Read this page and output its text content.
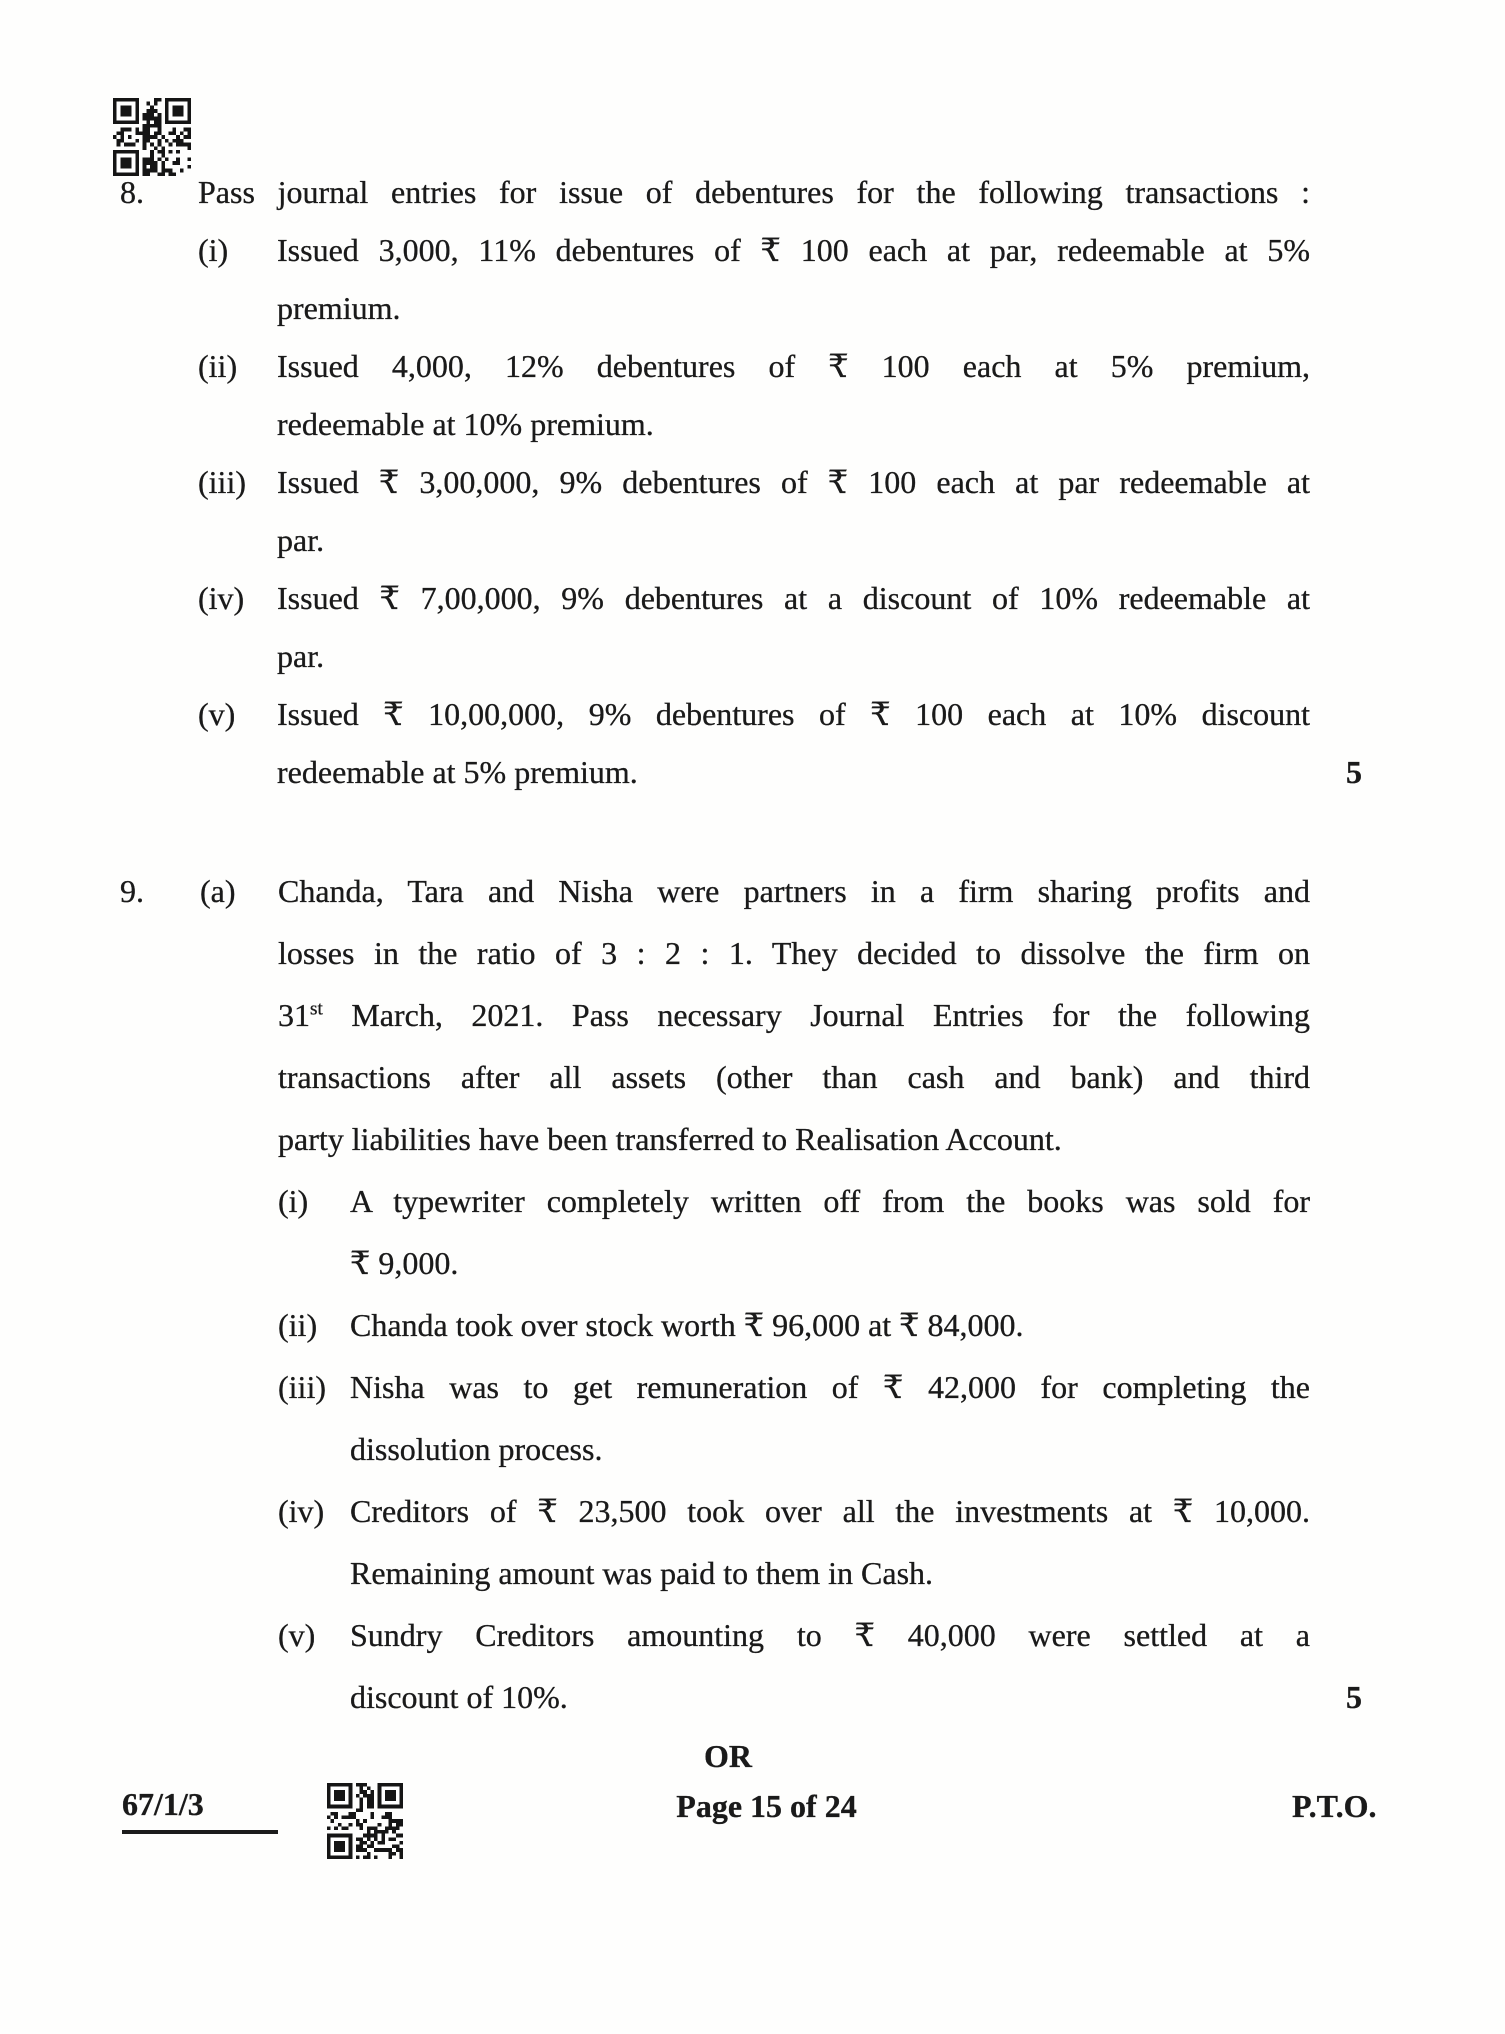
8.	Pass journal entries for issue of debentures for the following transactions :
(i)	Issued 3,000, 11% debentures of ₹ 100 each at par, redeemable at 5%
premium.
(ii)	Issued 4,000, 12% debentures of ₹ 100 each at 5% premium,
redeemable at 10% premium.
(iii) Issued ₹ 3,00,000, 9% debentures of ₹ 100 each at par redeemable at
par.
(iv)	Issued ₹ 7,00,000, 9% debentures at a discount of 10% redeemable at
par.
(v)	Issued ₹ 10,00,000, 9% debentures of ₹ 100 each at 10% discount
redeemable at 5% premium.	5
9.	(a)	Chanda, Tara and Nisha were partners in a firm sharing profits and
losses in the ratio of 3 : 2 : 1. They decided to dissolve the firm on
31st March, 2021. Pass necessary Journal Entries for the following
transactions after all assets (other than cash and bank) and third
party liabilities have been transferred to Realisation Account.
(i)	A typewriter completely written off from the books was sold for
₹ 9,000.
(ii)	Chanda took over stock worth ₹ 96,000 at ₹ 84,000.
(iii) Nisha was to get remuneration of ₹ 42,000 for completing the
dissolution process.
(iv) Creditors of ₹ 23,500 took over all the investments at ₹ 10,000.
Remaining amount was paid to them in Cash.
(v)	Sundry Creditors amounting to ₹ 40,000 were settled at a
discount of 10%.	5
OR
67/1/3	Page 15 of 24	P.T.O.
